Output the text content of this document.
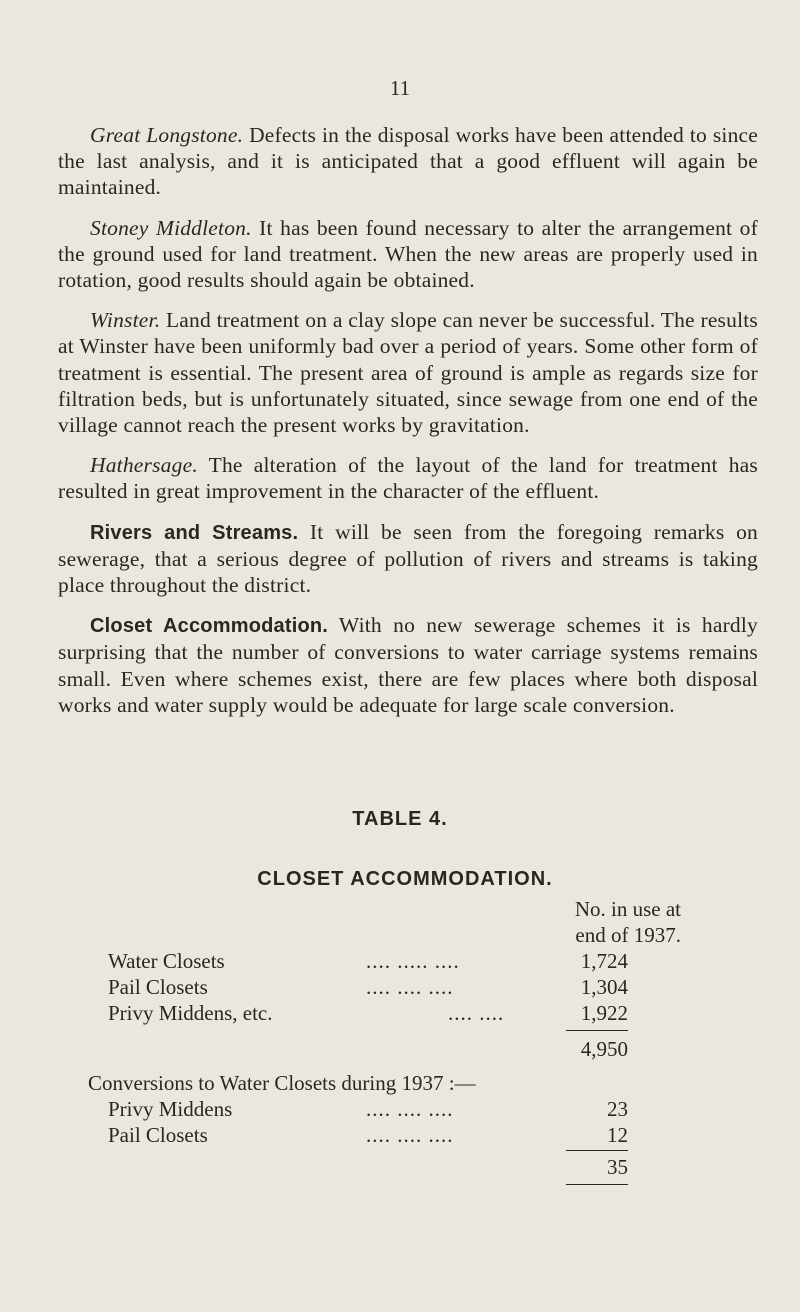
11

Great Longstone. Defects in the disposal works have been attended to since the last analysis, and it is anticipated that a good effluent will again be maintained.

Stoney Middleton. It has been found necessary to alter the arrangement of the ground used for land treatment. When the new areas are properly used in rotation, good results should again be obtained.

Winster. Land treatment on a clay slope can never be successful. The results at Winster have been uniformly bad over a period of years. Some other form of treatment is essential. The present area of ground is ample as regards size for filtration beds, but is unfortunately situated, since sewage from one end of the village cannot reach the present works by gravitation.

Hathersage. The alteration of the layout of the land for treatment has resulted in great improvement in the character of the effluent.

Rivers and Streams. It will be seen from the foregoing remarks on sewerage, that a serious degree of pollution of rivers and streams is taking place throughout the district.

Closet Accommodation. With no new sewerage schemes it is hardly surprising that the number of conversions to water carriage systems remains small. Even where schemes exist, there are few places where both disposal works and water supply would be adequate for large scale conversion.

TABLE 4.
CLOSET ACCOMMODATION.
No. in use at
end of 1937.
Water Closets	.... ..... ....	1,724
Pail Closets	.... .... ....	1,304
Privy Middens, etc.	.... ....	1,922
4,950
Conversions to Water Closets during 1937 :—
Privy Middens	.... .... ....	23
Pail Closets	.... .... ....	12
35
